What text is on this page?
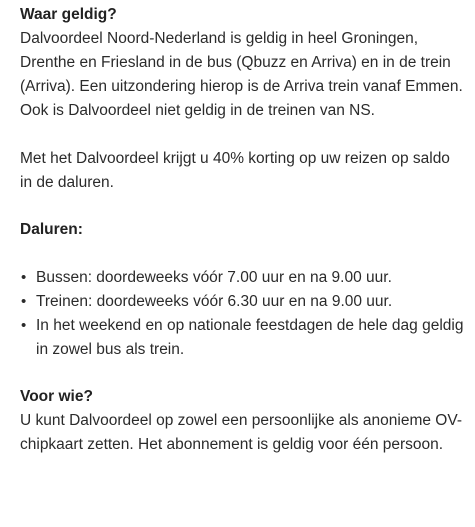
Waar geldig?

Dalvoordeel Noord-Nederland is geldig in heel Groningen, Drenthe en Friesland in de bus (Qbuzz en Arriva) en in de trein (Arriva). Een uitzondering hierop is de Arriva trein vanaf Emmen. Ook is Dalvoordeel niet geldig in de treinen van NS.

Met het Dalvoordeel krijgt u 40% korting op uw reizen op saldo in de daluren.

Daluren:
• Bussen: doordeweeks vóór 7.00 uur en na 9.00 uur.
• Treinen: doordeweeks vóór 6.30 uur en na 9.00 uur.
• In het weekend en op nationale feestdagen de hele dag geldig in zowel bus als trein.
Voor wie?

U kunt Dalvoordeel op zowel een persoonlijke als anonieme OV-chipkaart zetten. Het abonnement is geldig voor één persoon.
